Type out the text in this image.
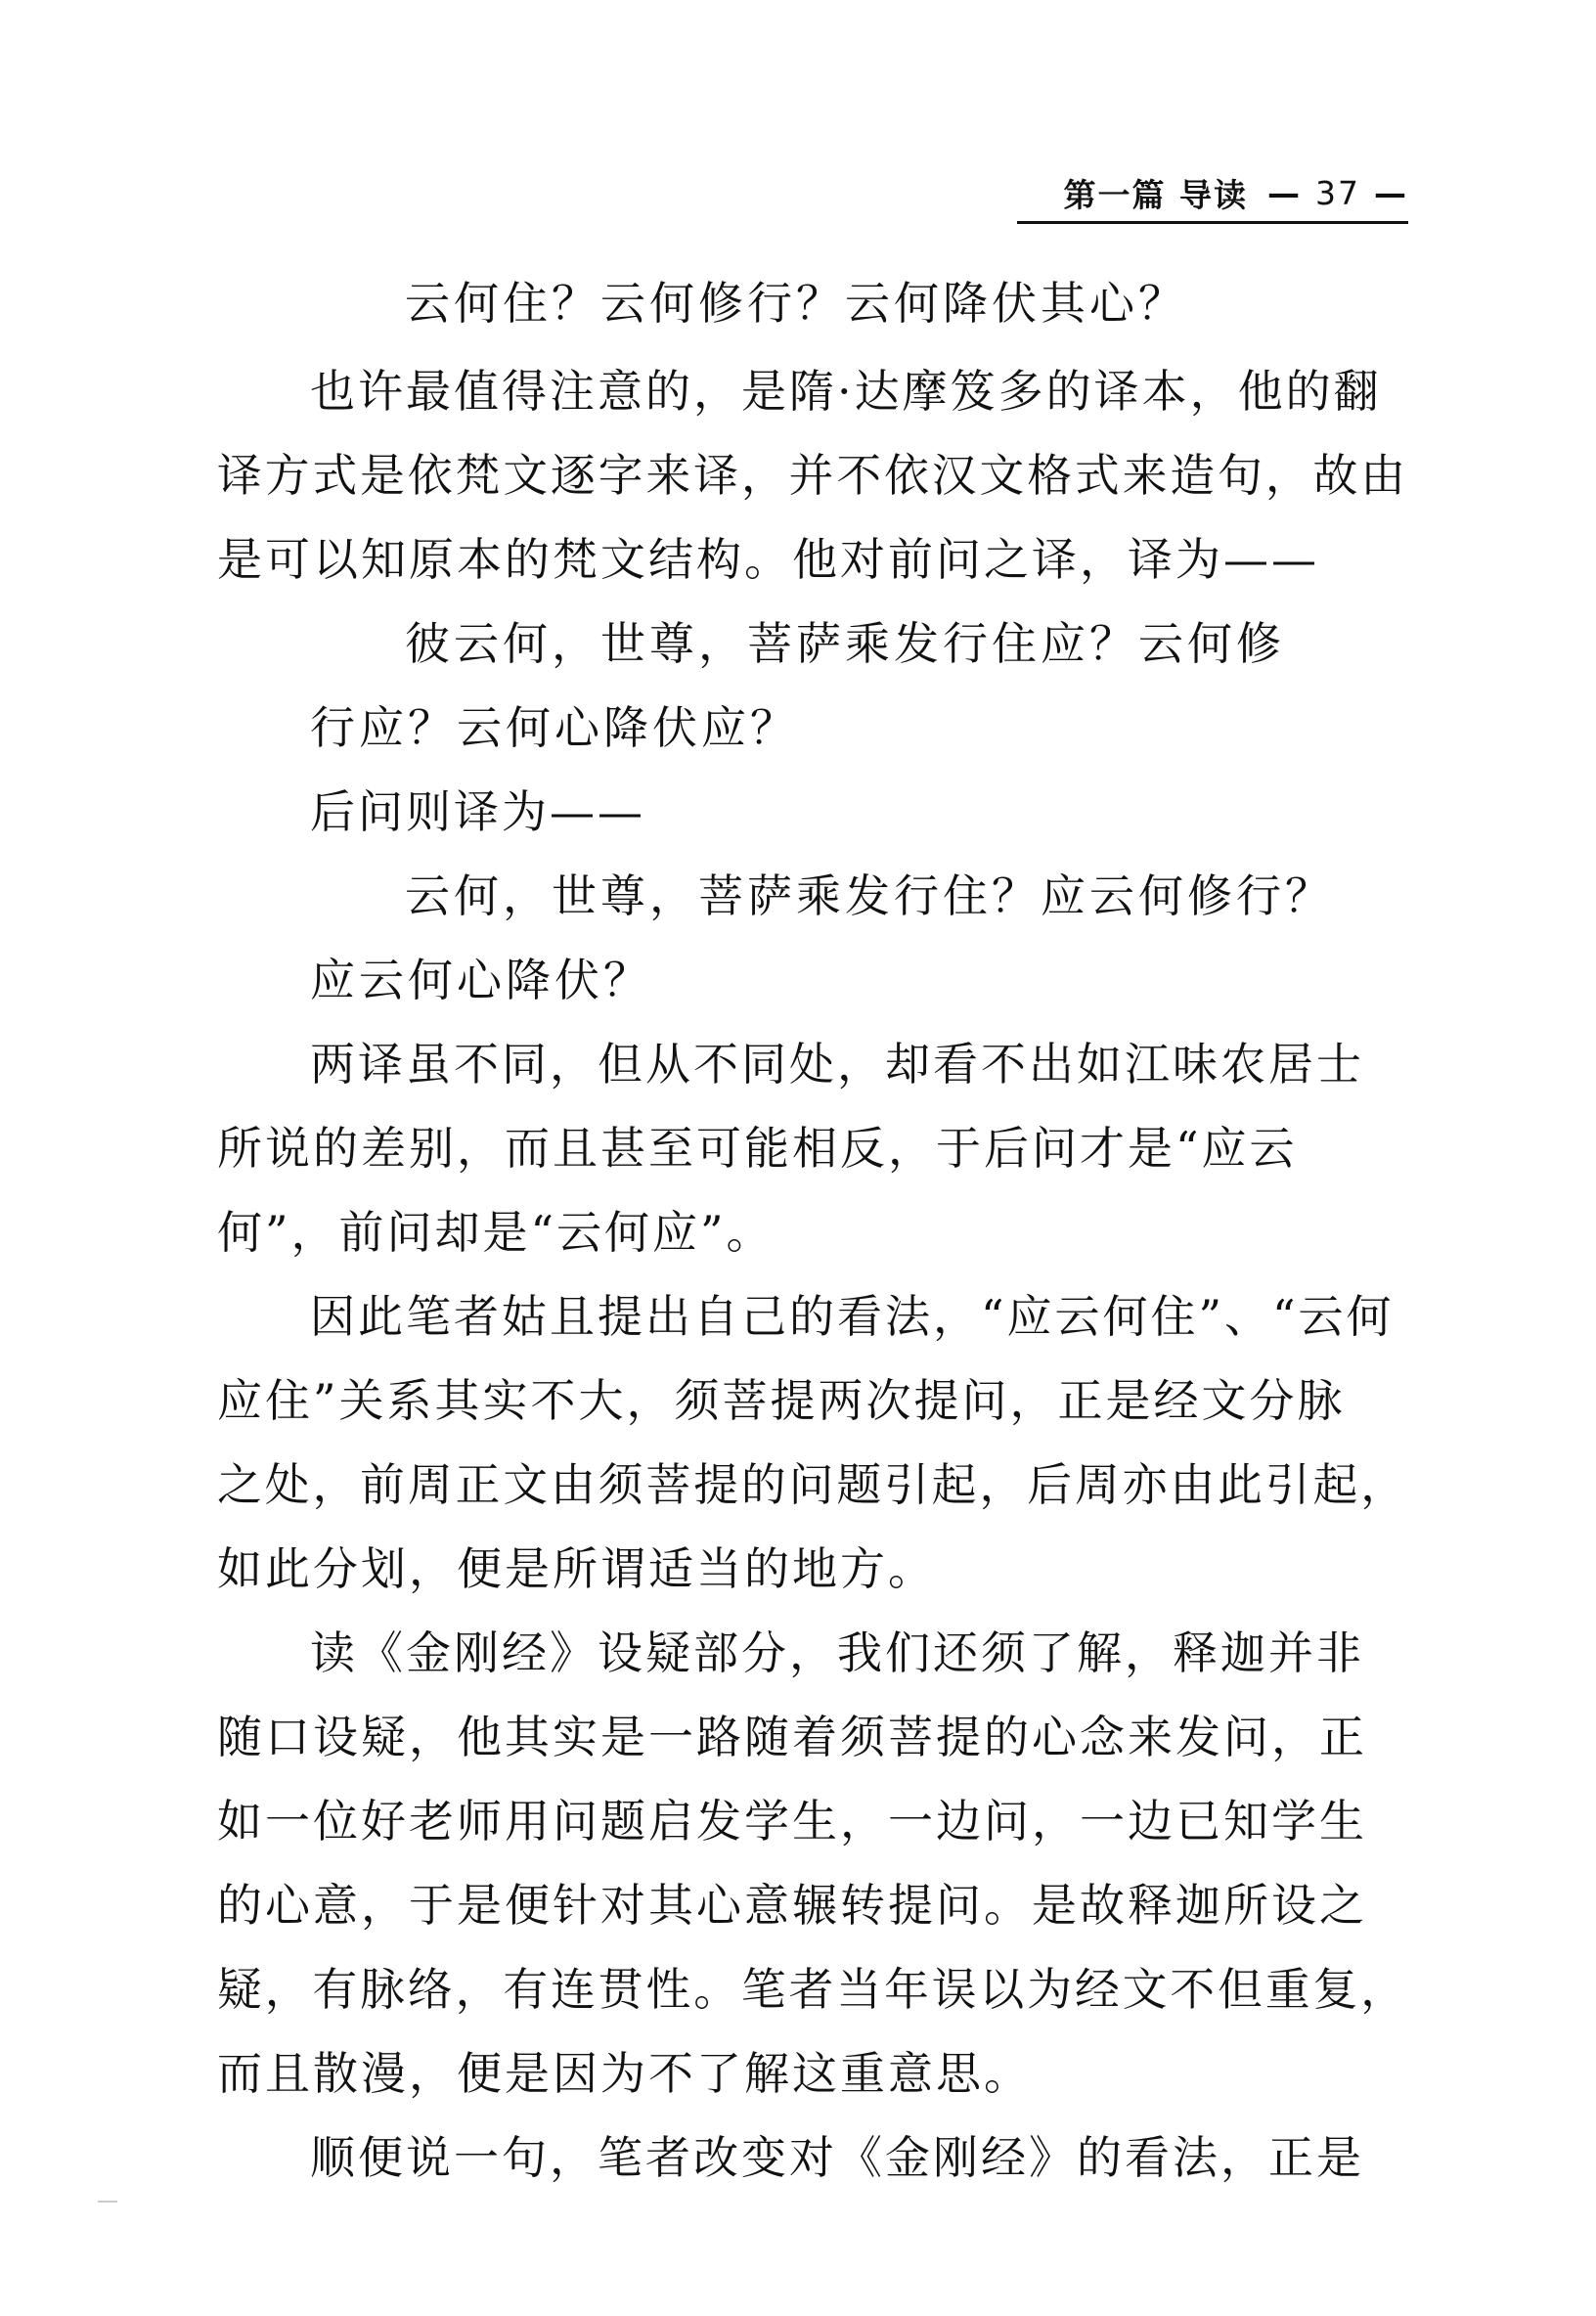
第一篇 导读 — 37 —
云何住？云何修行？云何降伏其心？
也许最值得注意的，是隋·达摩笈多的译本，他的翻
译方式是依梵文逐字来译，并不依汉文格式来造句，故由
是可以知原本的梵文结构。他对前问之译，译为——
彼云何，世尊，菩萨乘发行住应？云何修
行应？云何心降伏应？
后问则译为——
云何，世尊，菩萨乘发行住？应云何修行？
应云何心降伏？
两译虽不同，但从不同处，却看不出如江味农居士
所说的差别，而且甚至可能相反，于后问才是“应云
何”，前问却是“云何应”。
因此笔者姑且提出自己的看法，“应云何住”、“云何
应住”关系其实不大，须菩提两次提问，正是经文分脉
之处，前周正文由须菩提的问题引起，后周亦由此引起，
如此分划，便是所谓适当的地方。
读《金刚经》设疑部分，我们还须了解，释迦并非
随口设疑，他其实是一路随着须菩提的心念来发问，正
如一位好老师用问题启发学生，一边问，一边已知学生
的心意，于是便针对其心意辗转提问。是故释迦所设之
疑，有脉络，有连贯性。笔者当年误以为经文不但重复，
而且散漫，便是因为不了解这重意思。
顺便说一句，笔者改变对《金刚经》的看法，正是
